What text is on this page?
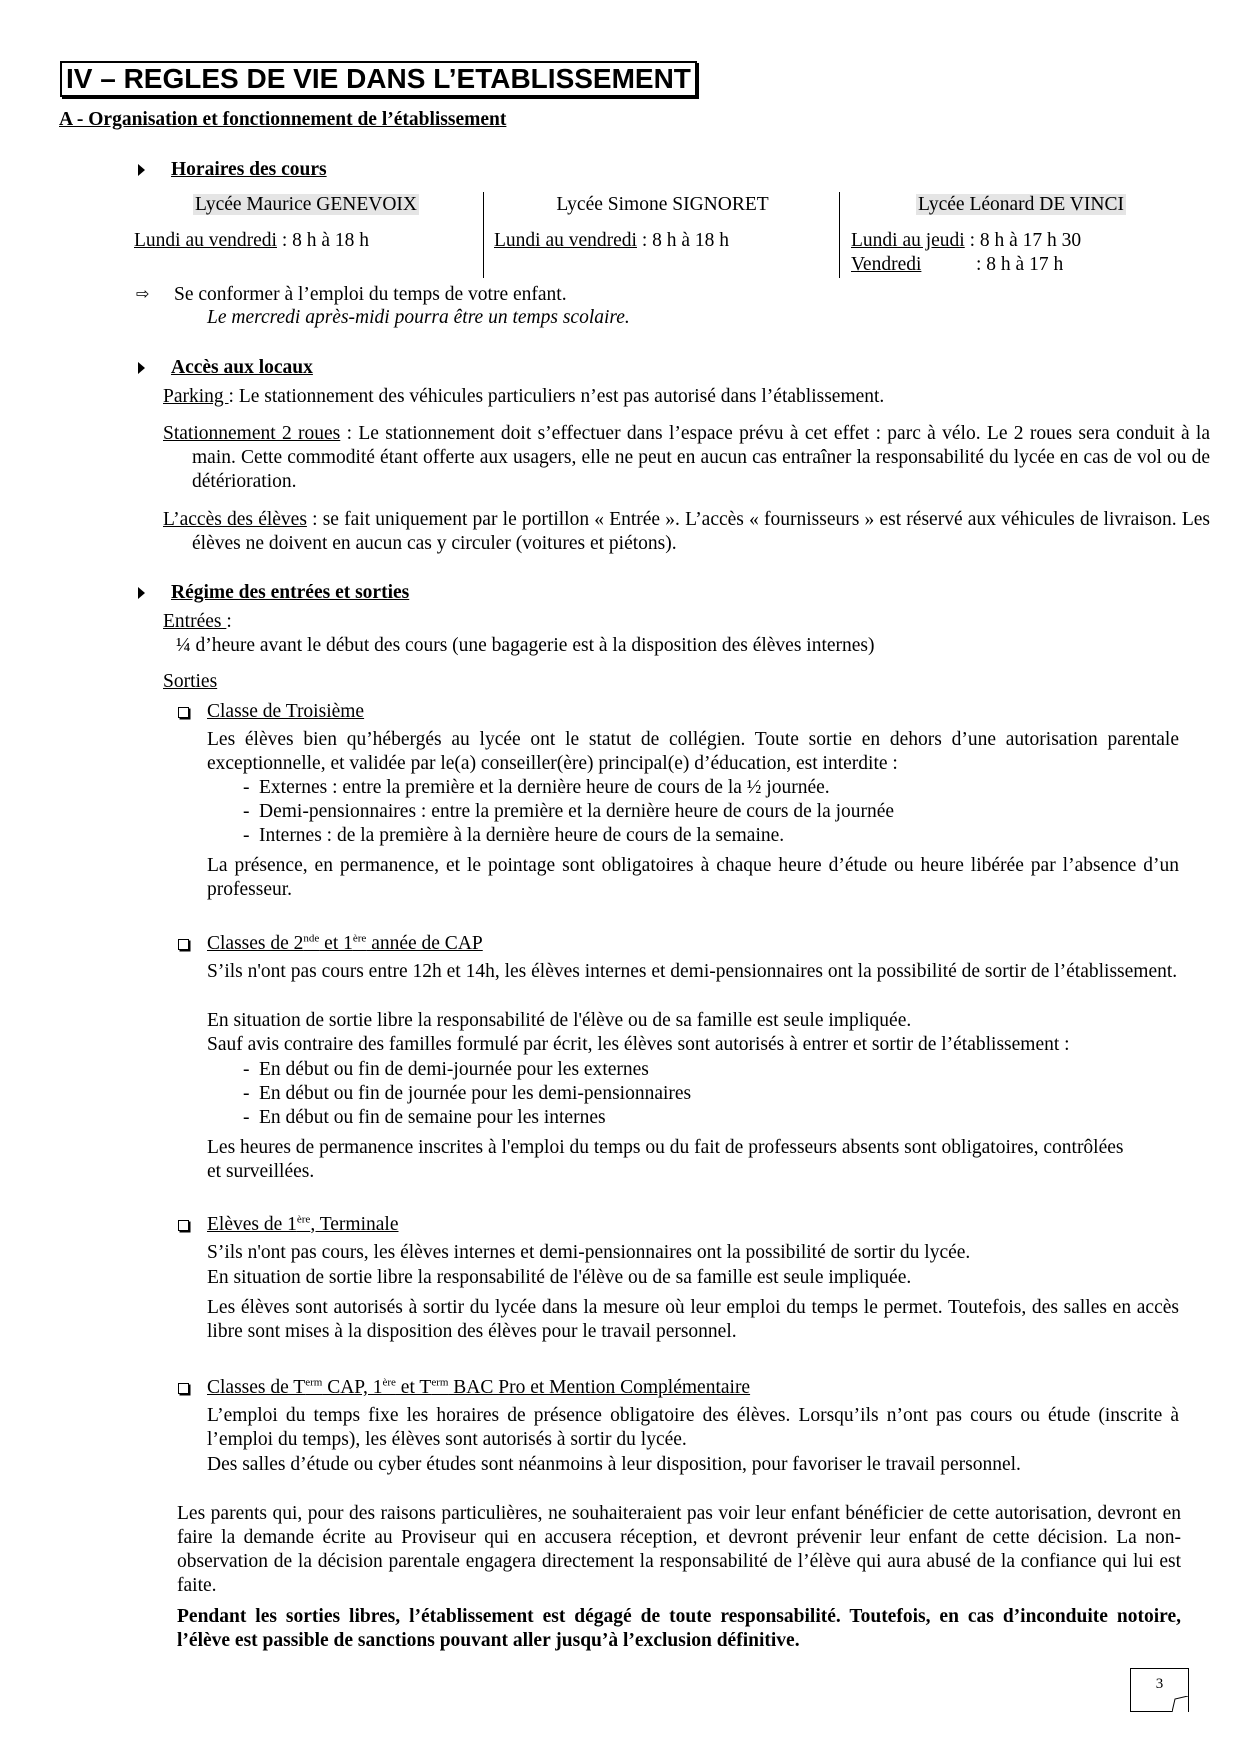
IV – REGLES DE VIE DANS L’ETABLISSEMENT
A - Organisation et fonctionnement de l’établissement
Horaires des cours
Lycée Maurice GENEVOIX
Lundi au vendredi : 8 h à 18 h
Lycée Simone SIGNORET
Lundi au vendredi : 8 h à 18 h
Lycée Léonard DE VINCI
Lundi au jeudi : 8 h à 17 h 30
Vendredi	: 8 h à 17 h
⇨ Se conformer à l’emploi du temps de votre enfant.
Le mercredi après-midi pourra être un temps scolaire.
Accès aux locaux
Parking : Le stationnement des véhicules particuliers n’est pas autorisé dans l’établissement.
Stationnement 2 roues : Le stationnement doit s’effectuer dans l’espace prévu à cet effet : parc à vélo. Le 2 roues sera conduit à la main. Cette commodité étant offerte aux usagers, elle ne peut en aucun cas entraîner la responsabilité du lycée en cas de vol ou de détérioration.
L’accès des élèves : se fait uniquement par le portillon « Entrée ». L’accès « fournisseurs » est réservé aux véhicules de livraison. Les élèves ne doivent en aucun cas y circuler (voitures et piétons).
Régime des entrées et sorties
Entrées :
¼ d’heure avant le début des cours (une bagagerie est à la disposition des élèves internes)
Sorties
Classe de Troisième
Les élèves bien qu’hébergés au lycée ont le statut de collégien. Toute sortie en dehors d’une autorisation parentale exceptionnelle, et validée par le(a) conseiller(ère) principal(e) d’éducation, est interdite :
- Externes : entre la première et la dernière heure de cours de la ½ journée.
- Demi-pensionnaires : entre la première et la dernière heure de cours de la journée
- Internes : de la première à la dernière heure de cours de la semaine.
La présence, en permanence, et le pointage sont obligatoires à chaque heure d’étude ou heure libérée par l’absence d’un professeur.
Classes de 2nde et 1ère année de CAP
S’ils n'ont pas cours entre 12h et 14h, les élèves internes et demi-pensionnaires ont la possibilité de sortir de l’établissement.
En situation de sortie libre la responsabilité de l'élève ou de sa famille est seule impliquée.
Sauf avis contraire des familles formulé par écrit, les élèves sont autorisés à entrer et sortir de l’établissement :
- En début ou fin de demi-journée pour les externes
- En début ou fin de journée pour les demi-pensionnaires
- En début ou fin de semaine pour les internes
Les heures de permanence inscrites à l'emploi du temps ou du fait de professeurs absents sont obligatoires, contrôlées et surveillées.
Elèves de 1ère, Terminale
S’ils n'ont pas cours, les élèves internes et demi-pensionnaires ont la possibilité de sortir du lycée.
En situation de sortie libre la responsabilité de l'élève ou de sa famille est seule impliquée.
Les élèves sont autorisés à sortir du lycée dans la mesure où leur emploi du temps le permet. Toutefois, des salles en accès libre sont mises à la disposition des élèves pour le travail personnel.
Classes de $T^{erm}$ CAP, 1ère et $T^{erm}$ BAC Pro et Mention Complémentaire
L’emploi du temps fixe les horaires de présence obligatoire des élèves. Lorsqu’ils n’ont pas cours ou étude (inscrite à l’emploi du temps), les élèves sont autorisés à sortir du lycée.
Des salles d’étude ou cyber études sont néanmoins à leur disposition, pour favoriser le travail personnel.
Les parents qui, pour des raisons particulières, ne souhaiteraient pas voir leur enfant bénéficier de cette autorisation, devront en faire la demande écrite au Proviseur qui en accusera réception, et devront prévenir leur enfant de cette décision. La non-observation de la décision parentale engagera directement la responsabilité de l’élève qui aura abusé de la confiance qui lui est faite.
Pendant les sorties libres, l’établissement est dégagé de toute responsabilité. Toutefois, en cas d’inconduite notoire, l’élève est passible de sanctions pouvant aller jusqu’à l’exclusion définitive.
3
